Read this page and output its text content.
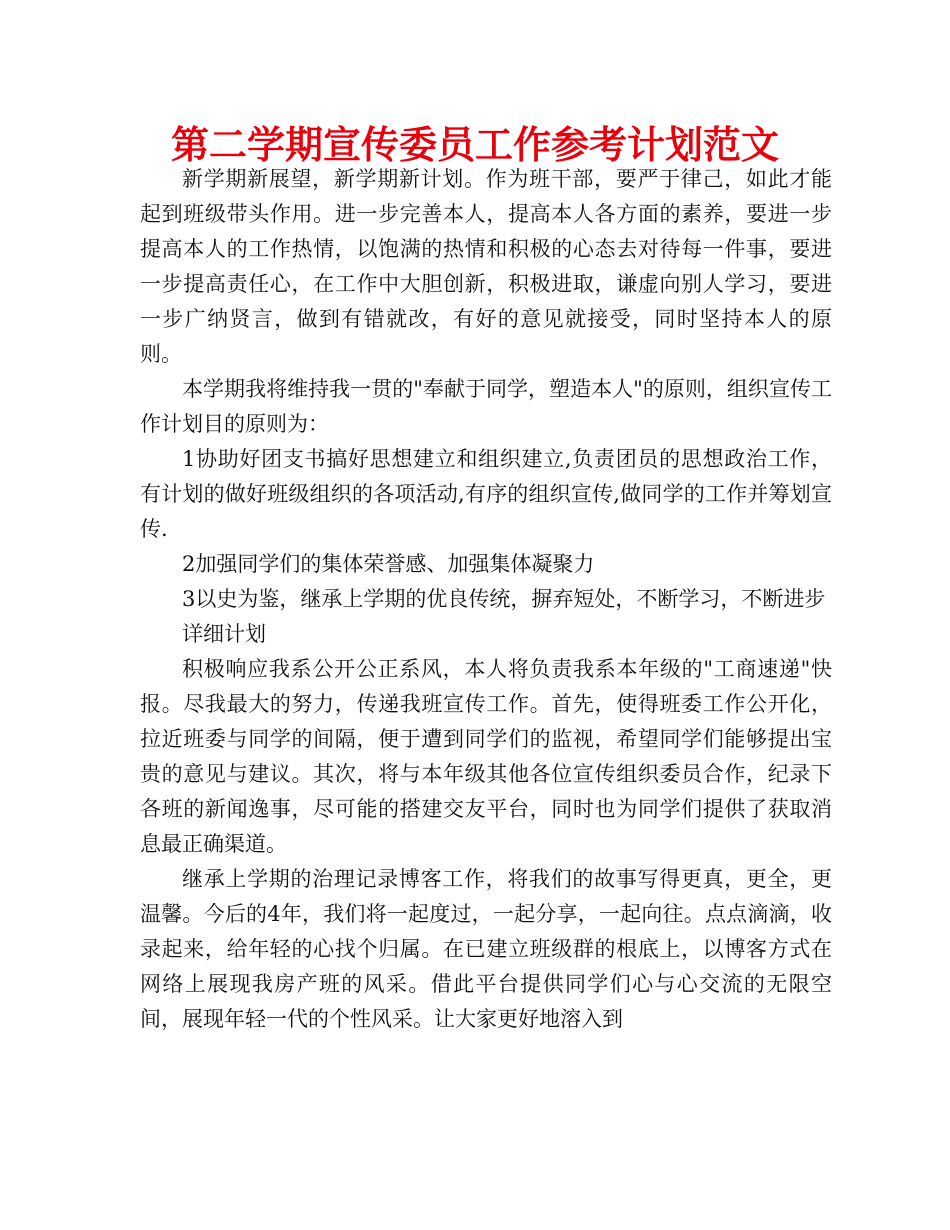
第二学期宣传委员工作参考计划范文

新学期新展望，新学期新计划。作为班干部，要严于律己，如此才能起到班级带头作用。进一步完善本人，提高本人各方面的素养，要进一步提高本人的工作热情，以饱满的热情和积极的心态去对待每一件事，要进一步提高责任心，在工作中大胆创新，积极进取，谦虚向别人学习，要进一步广纳贤言，做到有错就改，有好的意见就接受，同时坚持本人的原则。

本学期我将维持我一贯的"奉献于同学，塑造本人"的原则，组织宣传工作计划目的原则为：

1协助好团支书搞好思想建立和组织建立,负责团员的思想政治工作，有计划的做好班级组织的各项活动,有序的组织宣传,做同学的工作并筹划宣传.

2加强同学们的集体荣誉感、加强集体凝聚力

3以史为鉴，继承上学期的优良传统，摒弃短处，不断学习，不断进步

详细计划

积极响应我系公开公正系风，本人将负责我系本年级的"工商速递"快报。尽我最大的努力，传递我班宣传工作。首先，使得班委工作公开化，拉近班委与同学的间隔，便于遭到同学们的监视，希望同学们能够提出宝贵的意见与建议。其次，将与本年级其他各位宣传组织委员合作，纪录下各班的新闻逸事，尽可能的搭建交友平台，同时也为同学们提供了获取消息最正确渠道。

继承上学期的治理记录博客工作，将我们的故事写得更真，更全，更温馨。今后的4年，我们将一起度过，一起分享，一起向往。点点滴滴，收录起来，给年轻的心找个归属。在已建立班级群的根底上，以博客方式在网络上展现我房产班的风采。借此平台提供同学们心与心交流的无限空间，展现年轻一代的个性风采。让大家更好地溶入到
